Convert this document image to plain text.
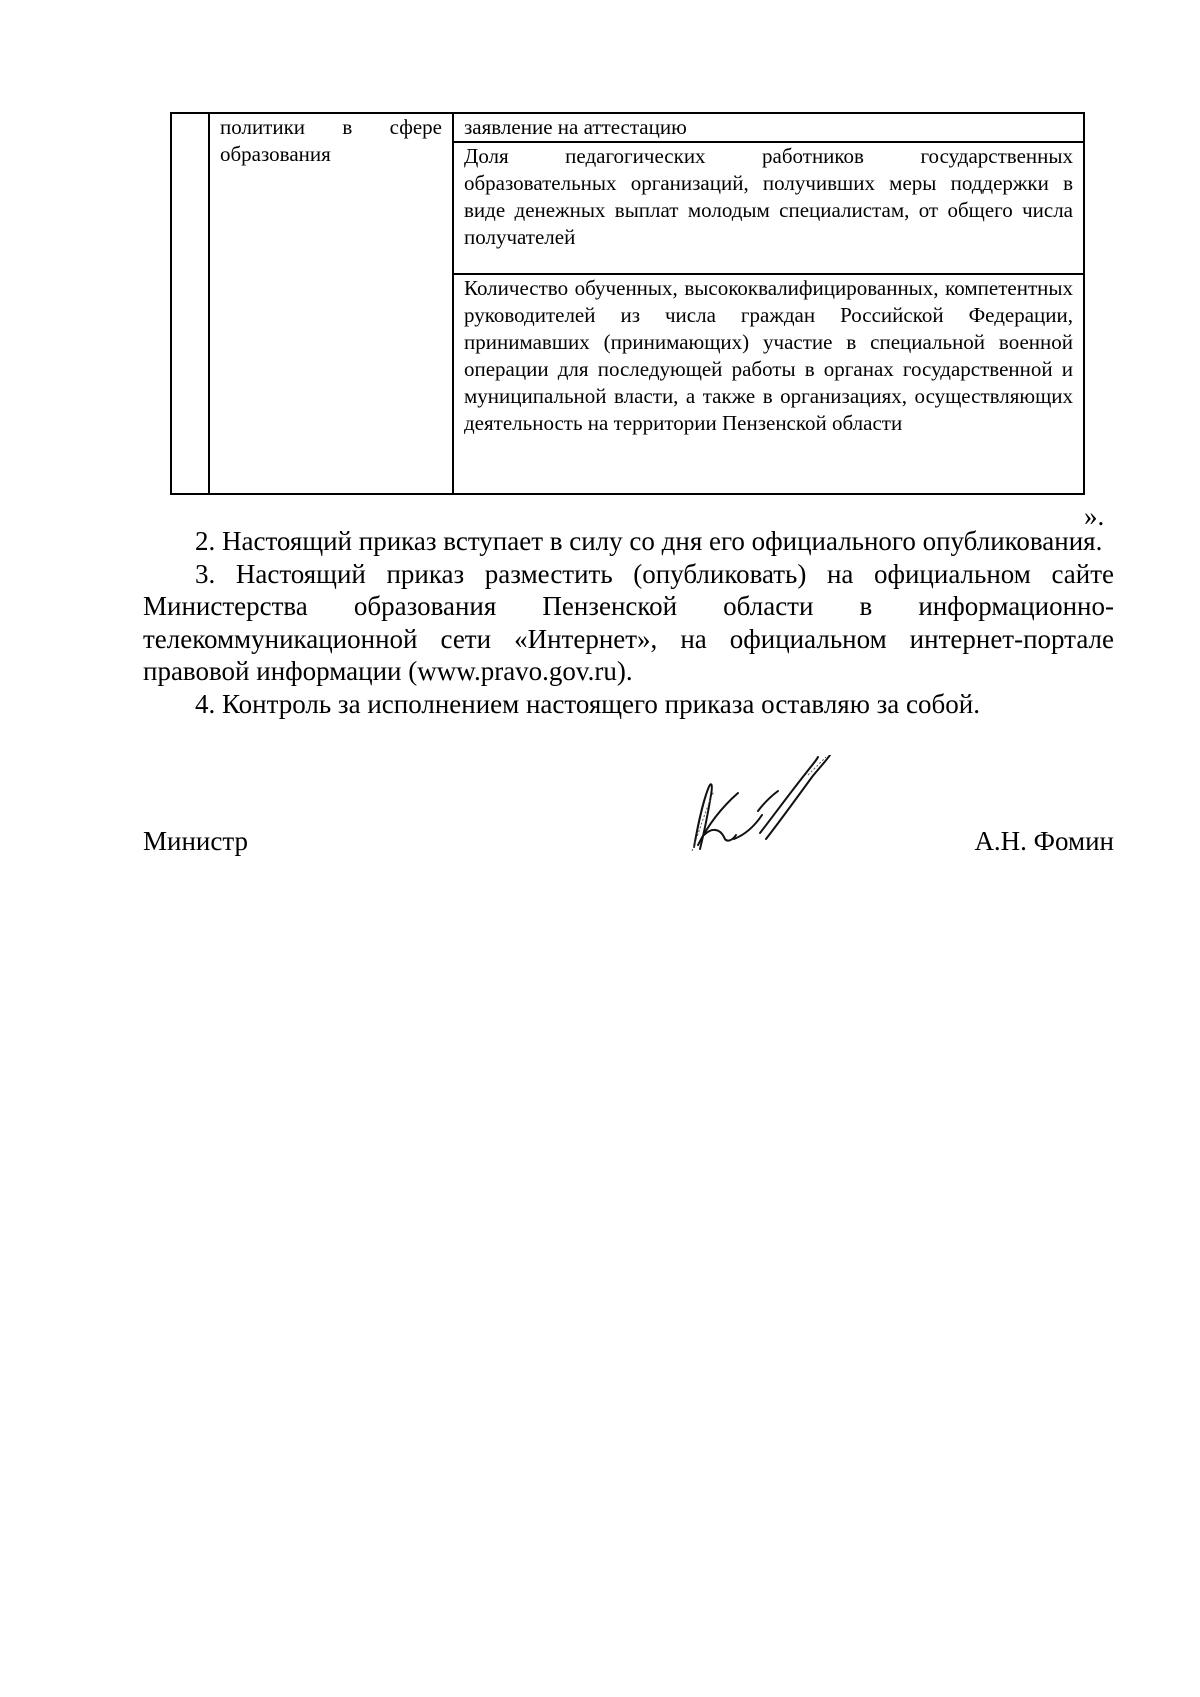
	политики в сфере образования	заявление на аттестацию
Доля педагогических работников государственных образовательных организаций, получивших меры поддержки в виде денежных выплат молодым специалистам, от общего числа получателей
Количество обученных, высококвалифицированных, компетентных руководителей из числа граждан Российской Федерации, принимавших (принимающих) участие в специальной военной операции для последующей работы в органах государственной и муниципальной власти, а также в организациях, осуществляющих деятельность на территории Пензенской области
».

2. Настоящий приказ вступает в силу со дня его официального опубликования.

3. Настоящий приказ разместить (опубликовать) на официальном сайте Министерства образования Пензенской области в информационно-телекоммуникационной сети «Интернет», на официальном интернет-портале правовой информации (www.pravo.gov.ru).

4. Контроль за исполнением настоящего приказа оставляю за собой.

Министр	А.Н. Фомин
